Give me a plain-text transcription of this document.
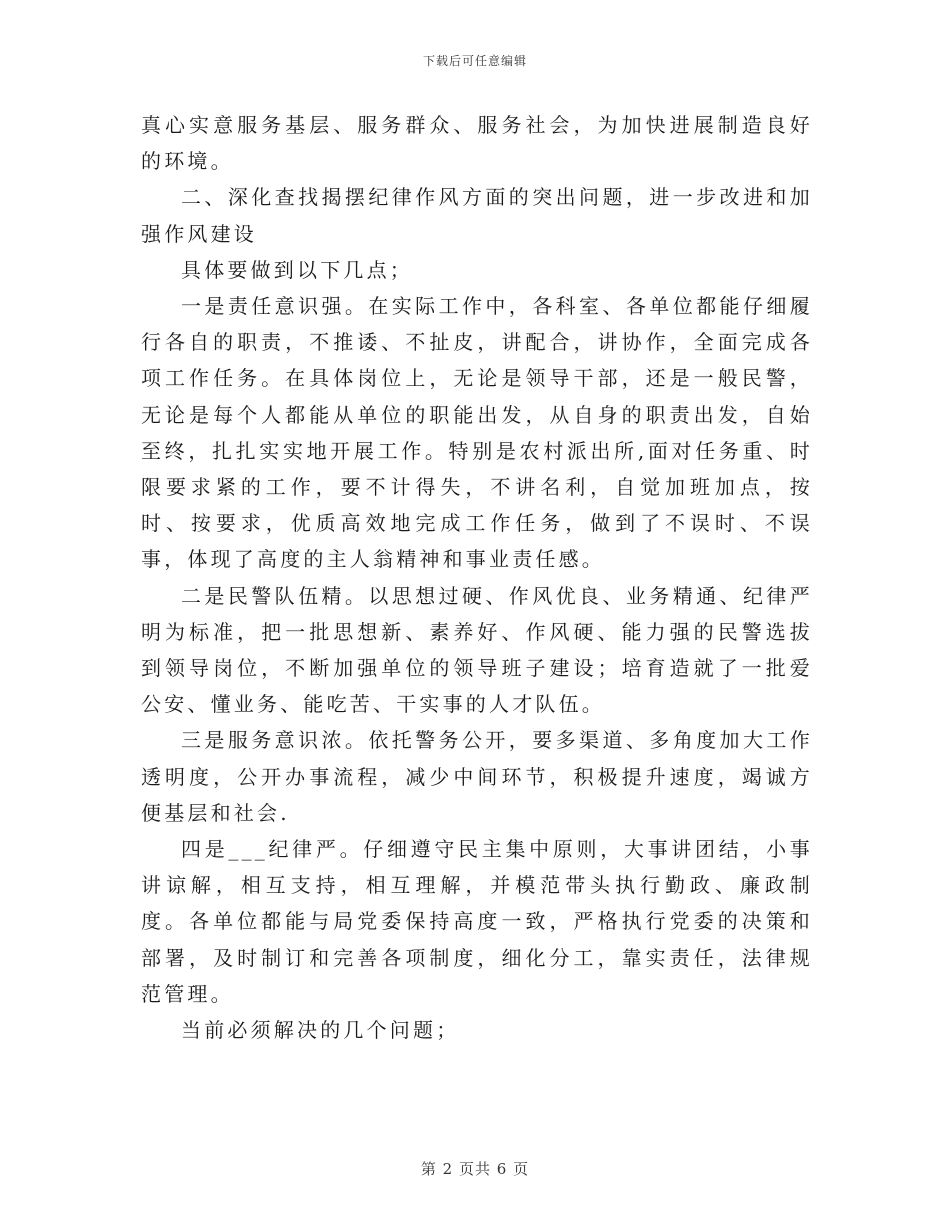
下载后可任意编辑

真心实意服务基层、服务群众、服务社会，为加快进展制造良好的环境。

二、深化查找揭摆纪律作风方面的突出问题，进一步改进和加强作风建设

具体要做到以下几点；

一是责任意识强。在实际工作中，各科室、各单位都能仔细履行各自的职责，不推诿、不扯皮，讲配合，讲协作，全面完成各项工作任务。在具体岗位上，无论是领导干部，还是一般民警，无论是每个人都能从单位的职能出发，从自身的职责出发，自始至终，扎扎实实地开展工作。特别是农村派出所,面对任务重、时限要求紧的工作，要不计得失，不讲名利，自觉加班加点，按时、按要求，优质高效地完成工作任务，做到了不误时、不误事，体现了高度的主人翁精神和事业责任感。

二是民警队伍精。以思想过硬、作风优良、业务精通、纪律严明为标准，把一批思想新、素养好、作风硬、能力强的民警选拔到领导岗位，不断加强单位的领导班子建设；培育造就了一批爱公安、懂业务、能吃苦、干实事的人才队伍。

三是服务意识浓。依托警务公开，要多渠道、多角度加大工作透明度，公开办事流程，减少中间环节，积极提升速度，竭诚方便基层和社会.

四是___纪律严。仔细遵守民主集中原则，大事讲团结，小事讲谅解，相互支持，相互理解，并模范带头执行勤政、廉政制度。各单位都能与局党委保持高度一致，严格执行党委的决策和部署，及时制订和完善各项制度，细化分工，靠实责任，法律规范管理。

当前必须解决的几个问题；

第 2 页共 6 页
